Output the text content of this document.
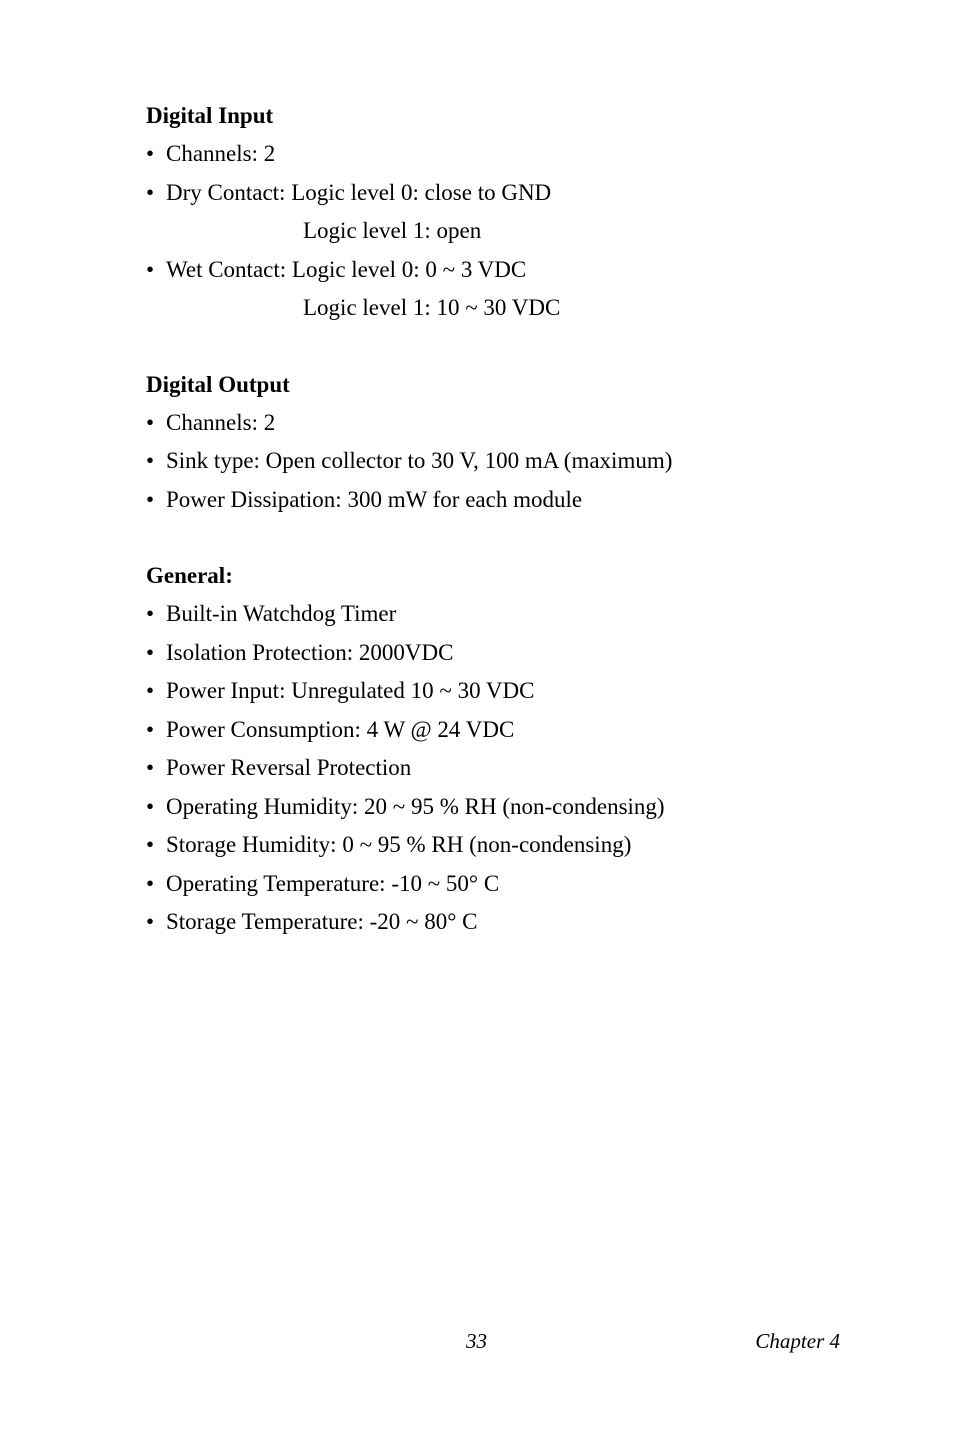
Digital Input
• Channels: 2
• Dry Contact: Logic level 0: close to GND
Logic level 1: open
• Wet Contact: Logic level 0: 0 ~ 3 VDC
Logic level 1: 10 ~ 30 VDC
Digital Output
• Channels: 2
• Sink type: Open collector to 30 V, 100 mA (maximum)
• Power Dissipation: 300 mW for each module
General:
• Built-in Watchdog Timer
• Isolation Protection: 2000VDC
• Power Input: Unregulated 10 ~ 30 VDC
• Power Consumption: 4 W @ 24 VDC
• Power Reversal Protection
• Operating Humidity: 20 ~ 95 % RH (non-condensing)
• Storage Humidity: 0 ~ 95 % RH (non-condensing)
• Operating Temperature: -10 ~ 50° C
• Storage Temperature: -20 ~ 80° C
33	Chapter 4
